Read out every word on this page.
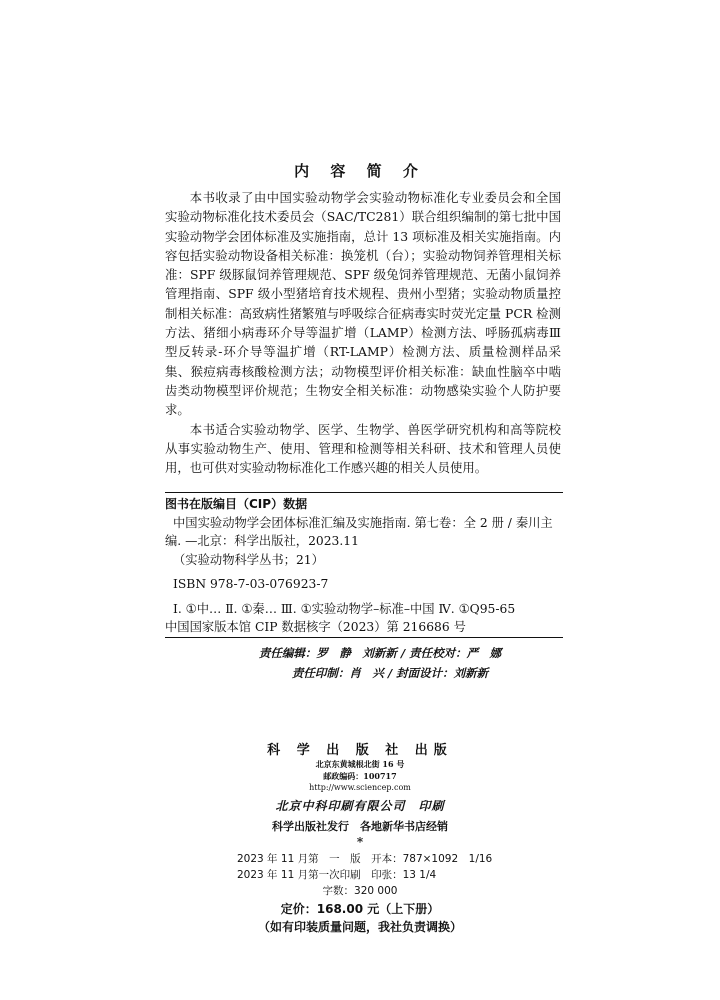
内 容 简 介

本书收录了由中国实验动物学会实验动物标准化专业委员会和全国实验动物标准化技术委员会（SAC/TC281）联合组织编制的第七批中国实验动物学会团体标准及实施指南，总计 13 项标准及相关实施指南。内容包括实验动物设备相关标准：换笼机（台）；实验动物饲养管理相关标准：SPF 级豚鼠饲养管理规范、SPF 级兔饲养管理规范、无菌小鼠饲养管理指南、SPF 级小型猪培育技术规程、贵州小型猪；实验动物质量控制相关标准：高致病性猪繁殖与呼吸综合征病毒实时荧光定量 PCR 检测方法、猪细小病毒环介导等温扩增（LAMP）检测方法、呼肠孤病毒Ⅲ型反转录-环介导等温扩增（RT-LAMP）检测方法、质量检测样品采集、猴痘病毒核酸检测方法；动物模型评价相关标准：缺血性脑卒中啮齿类动物模型评价规范；生物安全相关标准：动物感染实验个人防护要求。

本书适合实验动物学、医学、生物学、兽医学研究机构和高等院校从事实验动物生产、使用、管理和检测等相关科研、技术和管理人员使用，也可供对实验动物标准化工作感兴趣的相关人员使用。

图书在版编目（CIP）数据
中国实验动物学会团体标准汇编及实施指南. 第七卷：全 2 册 / 秦川主
编. —北京：科学出版社，2023.11
（实验动物科学丛书；21）
ISBN 978-7-03-076923-7
Ⅰ. ①中… Ⅱ. ①秦… Ⅲ. ①实验动物学–标准–中国 Ⅳ. ①Q95-65
中国国家版本馆 CIP 数据核字（2023）第 216686 号
责任编辑：罗　静　刘新新 / 责任校对：严　娜
责任印制：肖　兴 / 封面设计：刘新新
科 学 出 版 社 出版
北京东黄城根北街 16 号
邮政编码：100717
http://www.sciencep.com
北京中科印刷有限公司　印刷
科学出版社发行　各地新华书店经销
*
2023 年 11 月第　一　版　开本：787×1092　1/16
2023 年 11 月第一次印刷　印张：13 1/4
字数：320 000
定价：168.00 元（上下册）
（如有印装质量问题，我社负责调换）
